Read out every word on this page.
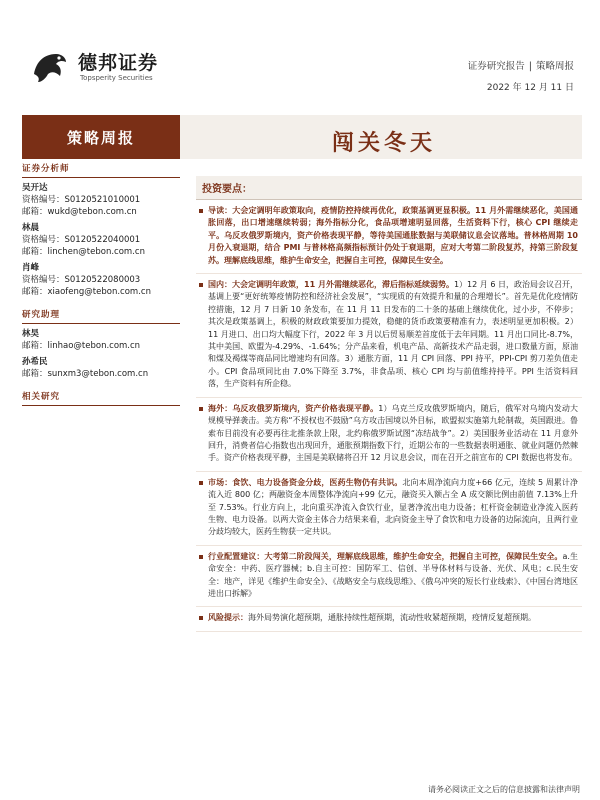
德邦证券
Topsperity Securities
证券研究报告 | 策略周报
2022 年 12 月 11 日
策略周报	闯关冬天
证券分析师
吴开达
资格编号：S0120521010001
邮箱：wukd@tebon.com.cn
林晨
资格编号：S0120522040001
邮箱：linchen@tebon.com.cn
肖峰
资格编号：S0120522080003
邮箱：xiaofeng@tebon.com.cn
研究助理
林昊
邮箱：linhao@tebon.com.cn
孙希民
邮箱：sunxm3@tebon.com.cn
相关研究
投资要点：
导读：大会定调明年政策取向，疫情防控持续再优化，政策基调更显积极。11 月外需继续恶化，美国通胀回落，出口增速继续转弱；海外指标分化，食品项增速明显回落，生活资料下行，核心 CPI 继续走平。乌反攻俄罗斯境内，资产价格表现平静，等待美国通胀数据与美联储议息会议落地。普林格周期 10 月份入衰退期，结合 PMI 与普林格高频指标预计仍处于衰退期，应对大考第二阶段复苏，持第三阶段复苏。理解底线思维，维护生命安全，把握自主可控，保障民生安全。
国内：大会定调明年政策，11 月外需继续恶化，滞后指标延续弱势。1）12 月 6 日，政治局会议召开，基调上要“更好统筹疫情防控和经济社会发展”，“实现质的有效提升和量的合理增长”。首先是优化疫情防控措施，12 月 7 日新 10 条发布，在 11 月 11 日发布的二十条的基础上继续优化，过小步，不停步；其次是政策基调上，积极的财政政策要加力提效，稳健的货币政策要精准有力，表述明显更加积极。2）11 月进口、出口均大幅度下行，2022 年 3 月以后贸易顺差首度低于去年同期。11 月出口同比-8.7%，其中美国、欧盟为-4.29%、-1.64%；分产品来看，机电产品、高新技术产品走弱，进口数量方面，原油和煤及褐煤等商品同比增速均有回落。3）通胀方面，11 月 CPI 回落、PPI 持平，PPI-CPI 剪刀差负值走小。CPI 食品项同比由 7.0%下降至 3.7%，非食品项、核心 CPI 均与前值维持持平。PPI 生活资料回落，生产资料有所企稳。
海外：乌反攻俄罗斯境内，资产价格表现平静。1）乌克兰反攻俄罗斯境内，随后，俄军对乌境内发动大规模导弹袭击。美方称“不授权也不鼓励”乌方攻击国境以外目标，欧盟拟实施第九轮制裁，英国跟进。鲁索布目前没有必要再往北推条款上限，北约称俄罗斯试图“冻结战争”。2）美国服务业活动在 11 月意外回升，消费者信心指数也出现回升，通胀预期指数下行，近期公布的一些数据表明通胀、就业问题仍然棘手。资产价格表现平静，主国是美联储将召开 12 月议息会议，而在召开之前宣布的 CPI 数据也将发布。
市场：食饮、电力设备资金分歧，医药生物仍有共识。北向本周净流向力度+66 亿元，连续 5 周累计净流入近 800 亿；两融资金本周整体净流向+99 亿元，融资买入额占全 A 成交额比例由前值 7.13%上升至 7.53%。行业方向上，北向重买净流入食饮行业，显著净流出电力设备；杠杆资金制造业净流入医药生物、电力设备。以两大资金主体合力结果来看，北向资金主导了食饮和电力设备的边际流向，且两行业分歧均较大，医药生物获一定共识。
行业配置建议：大考第二阶段闯关，理解底线思维，维护生命安全，把握自主可控，保障民生安全。a.生命安全：中药、医疗器械；b.自主可控：国防军工、信创、半导体材料与设备、光伏、风电；c.民生安全：地产，详见《维护生命安全》、《战略安全与底线思维》、《俄乌冲突的短长行业线索》、《中国台湾地区进出口拆解》
风险提示：海外局势演化超预期，通胀持续性超预期，流动性收紧超预期，疫情反复超预期。
请务必阅读正文之后的信息披露和法律声明
